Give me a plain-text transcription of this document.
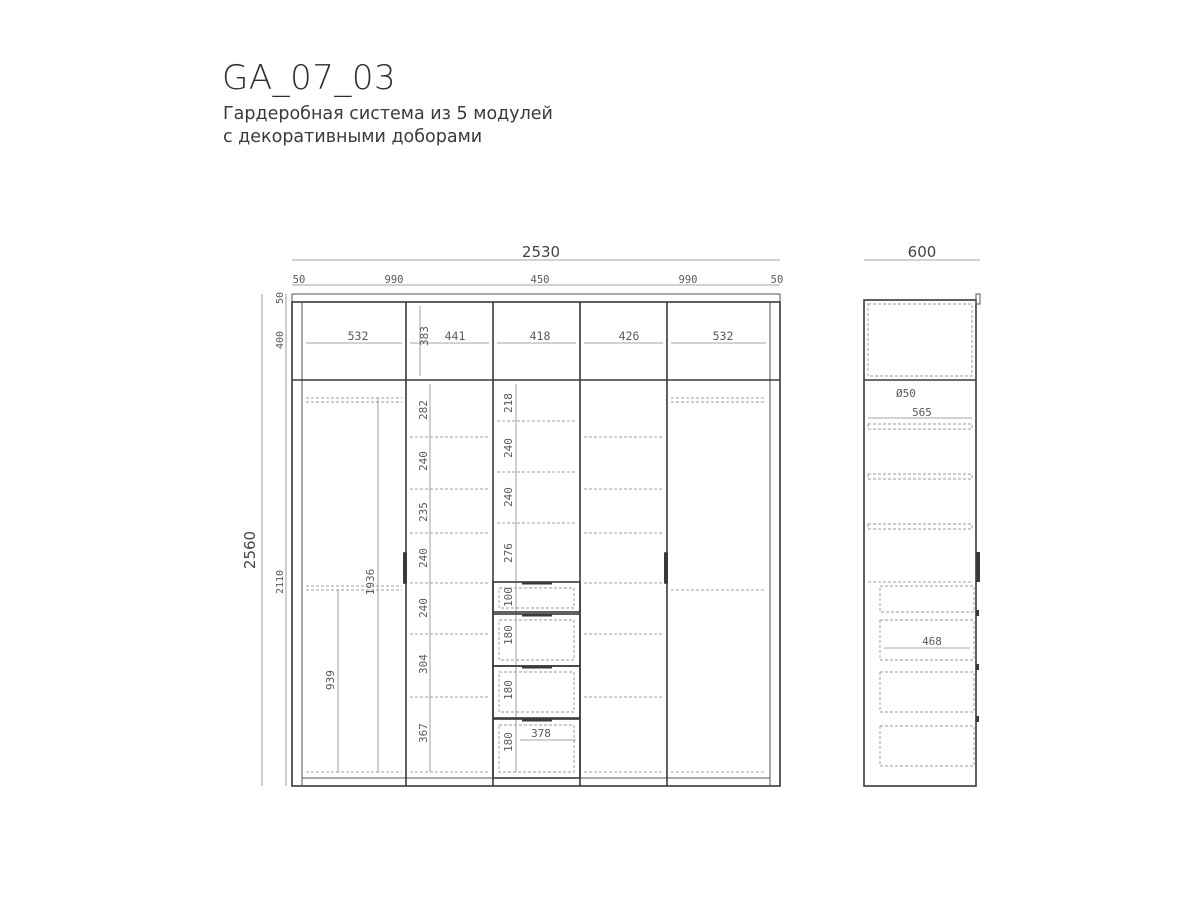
GA_07_03
Гардеробная система из 5 модулей
с декоративными доборами
2530
50	990	450	990	50
532	441	418	426	532
383
2560
50
400
2110	1936
939
282
240
235
240
240
304
367
218
240
240
276
100
180
180
180 378
600
Ø50
565
468
